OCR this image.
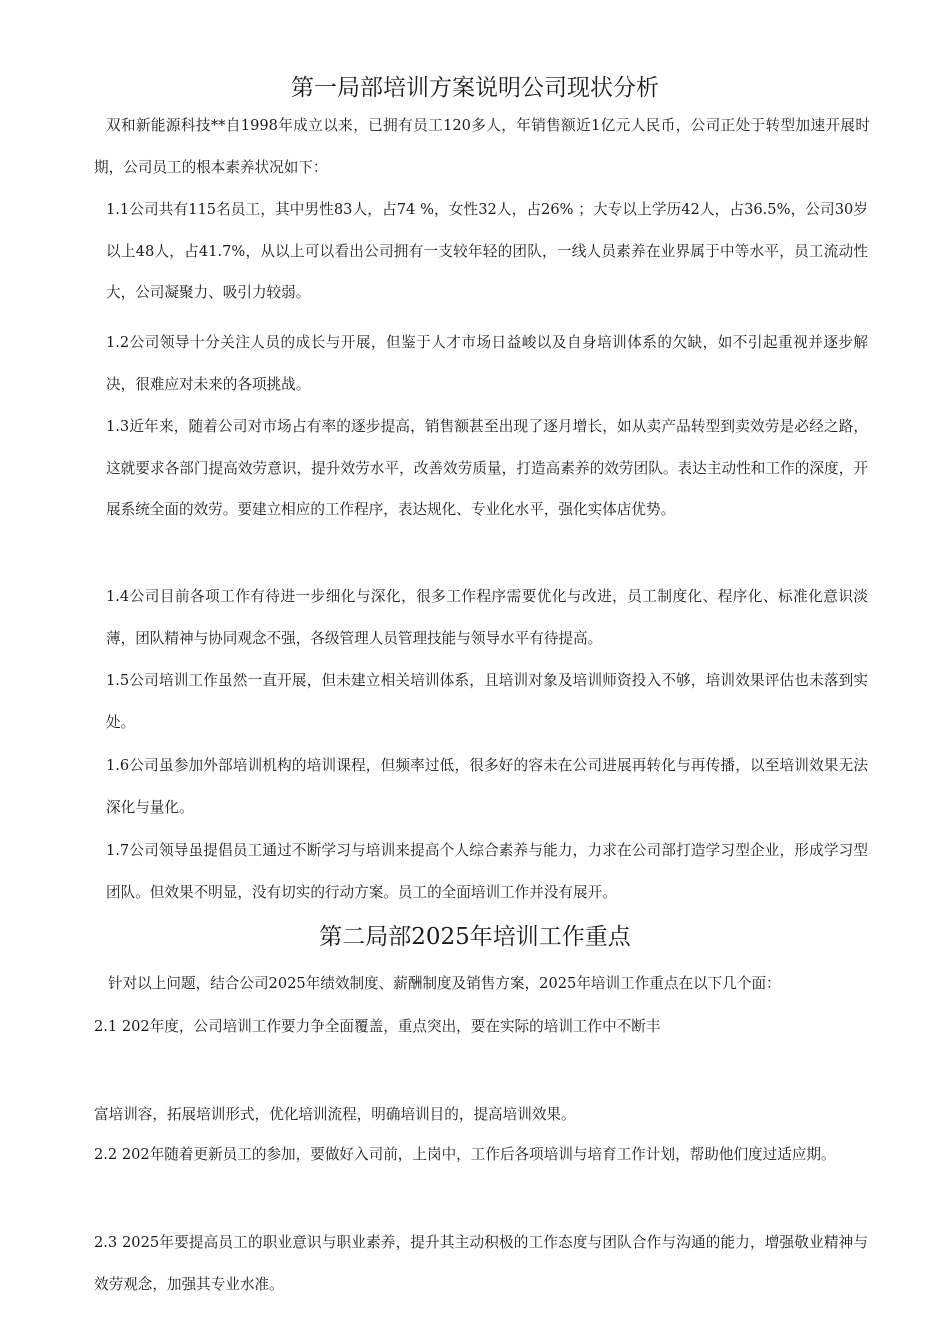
第一局部培训方案说明公司现状分析

双和新能源科技**自1998年成立以来，已拥有员工120多人，年销售额近1亿元人民币，公司正处于转型加速开展时期，公司员工的根本素养状况如下：

1.1公司共有115名员工，其中男性83人，占74 %，女性32人，占26% ；大专以上学历42人，占36.5%，公司30岁以上48人，占41.7%，从以上可以看出公司拥有一支较年轻的团队，一线人员素养在业界属于中等水平，员工流动性大，公司凝聚力、吸引力较弱。

1.2公司领导十分关注人员的成长与开展，但鉴于人才市场日益峻以及自身培训体系的欠缺，如不引起重视并逐步解决，很难应对未来的各项挑战。

1.3近年来，随着公司对市场占有率的逐步提高，销售额甚至出现了逐月增长，如从卖产品转型到卖效劳是必经之路，这就要求各部门提高效劳意识，提升效劳水平，改善效劳质量，打造高素养的效劳团队。表达主动性和工作的深度，开展系统全面的效劳。要建立相应的工作程序，表达规化、专业化水平，强化实体店优势。

1.4公司目前各项工作有待进一步细化与深化，很多工作程序需要优化与改进，员工制度化、程序化、标准化意识淡薄，团队精神与协同观念不强，各级管理人员管理技能与领导水平有待提高。

1.5公司培训工作虽然一直开展，但未建立相关培训体系，且培训对象及培训师资投入不够，培训效果评估也未落到实处。

1.6公司虽参加外部培训机构的培训课程，但频率过低，很多好的容未在公司进展再转化与再传播，以至培训效果无法深化与量化。

1.7公司领导虽提倡员工通过不断学习与培训来提高个人综合素养与能力，力求在公司部打造学习型企业，形成学习型团队。但效果不明显，没有切实的行动方案。员工的全面培训工作并没有展开。

第二局部2025年培训工作重点

针对以上问题，结合公司2025年绩效制度、薪酬制度及销售方案，2025年培训工作重点在以下几个面：

2.1 202年度，公司培训工作要力争全面覆盖，重点突出，要在实际的培训工作中不断丰

富培训容，拓展培训形式，优化培训流程，明确培训目的，提高培训效果。

2.2 202年随着更新员工的参加，要做好入司前，上岗中，工作后各项培训与培育工作计划，帮助他们度过适应期。

2.3 2025年要提高员工的职业意识与职业素养，提升其主动积极的工作态度与团队合作与沟通的能力，增强敬业精神与效劳观念，加强其专业水准。
